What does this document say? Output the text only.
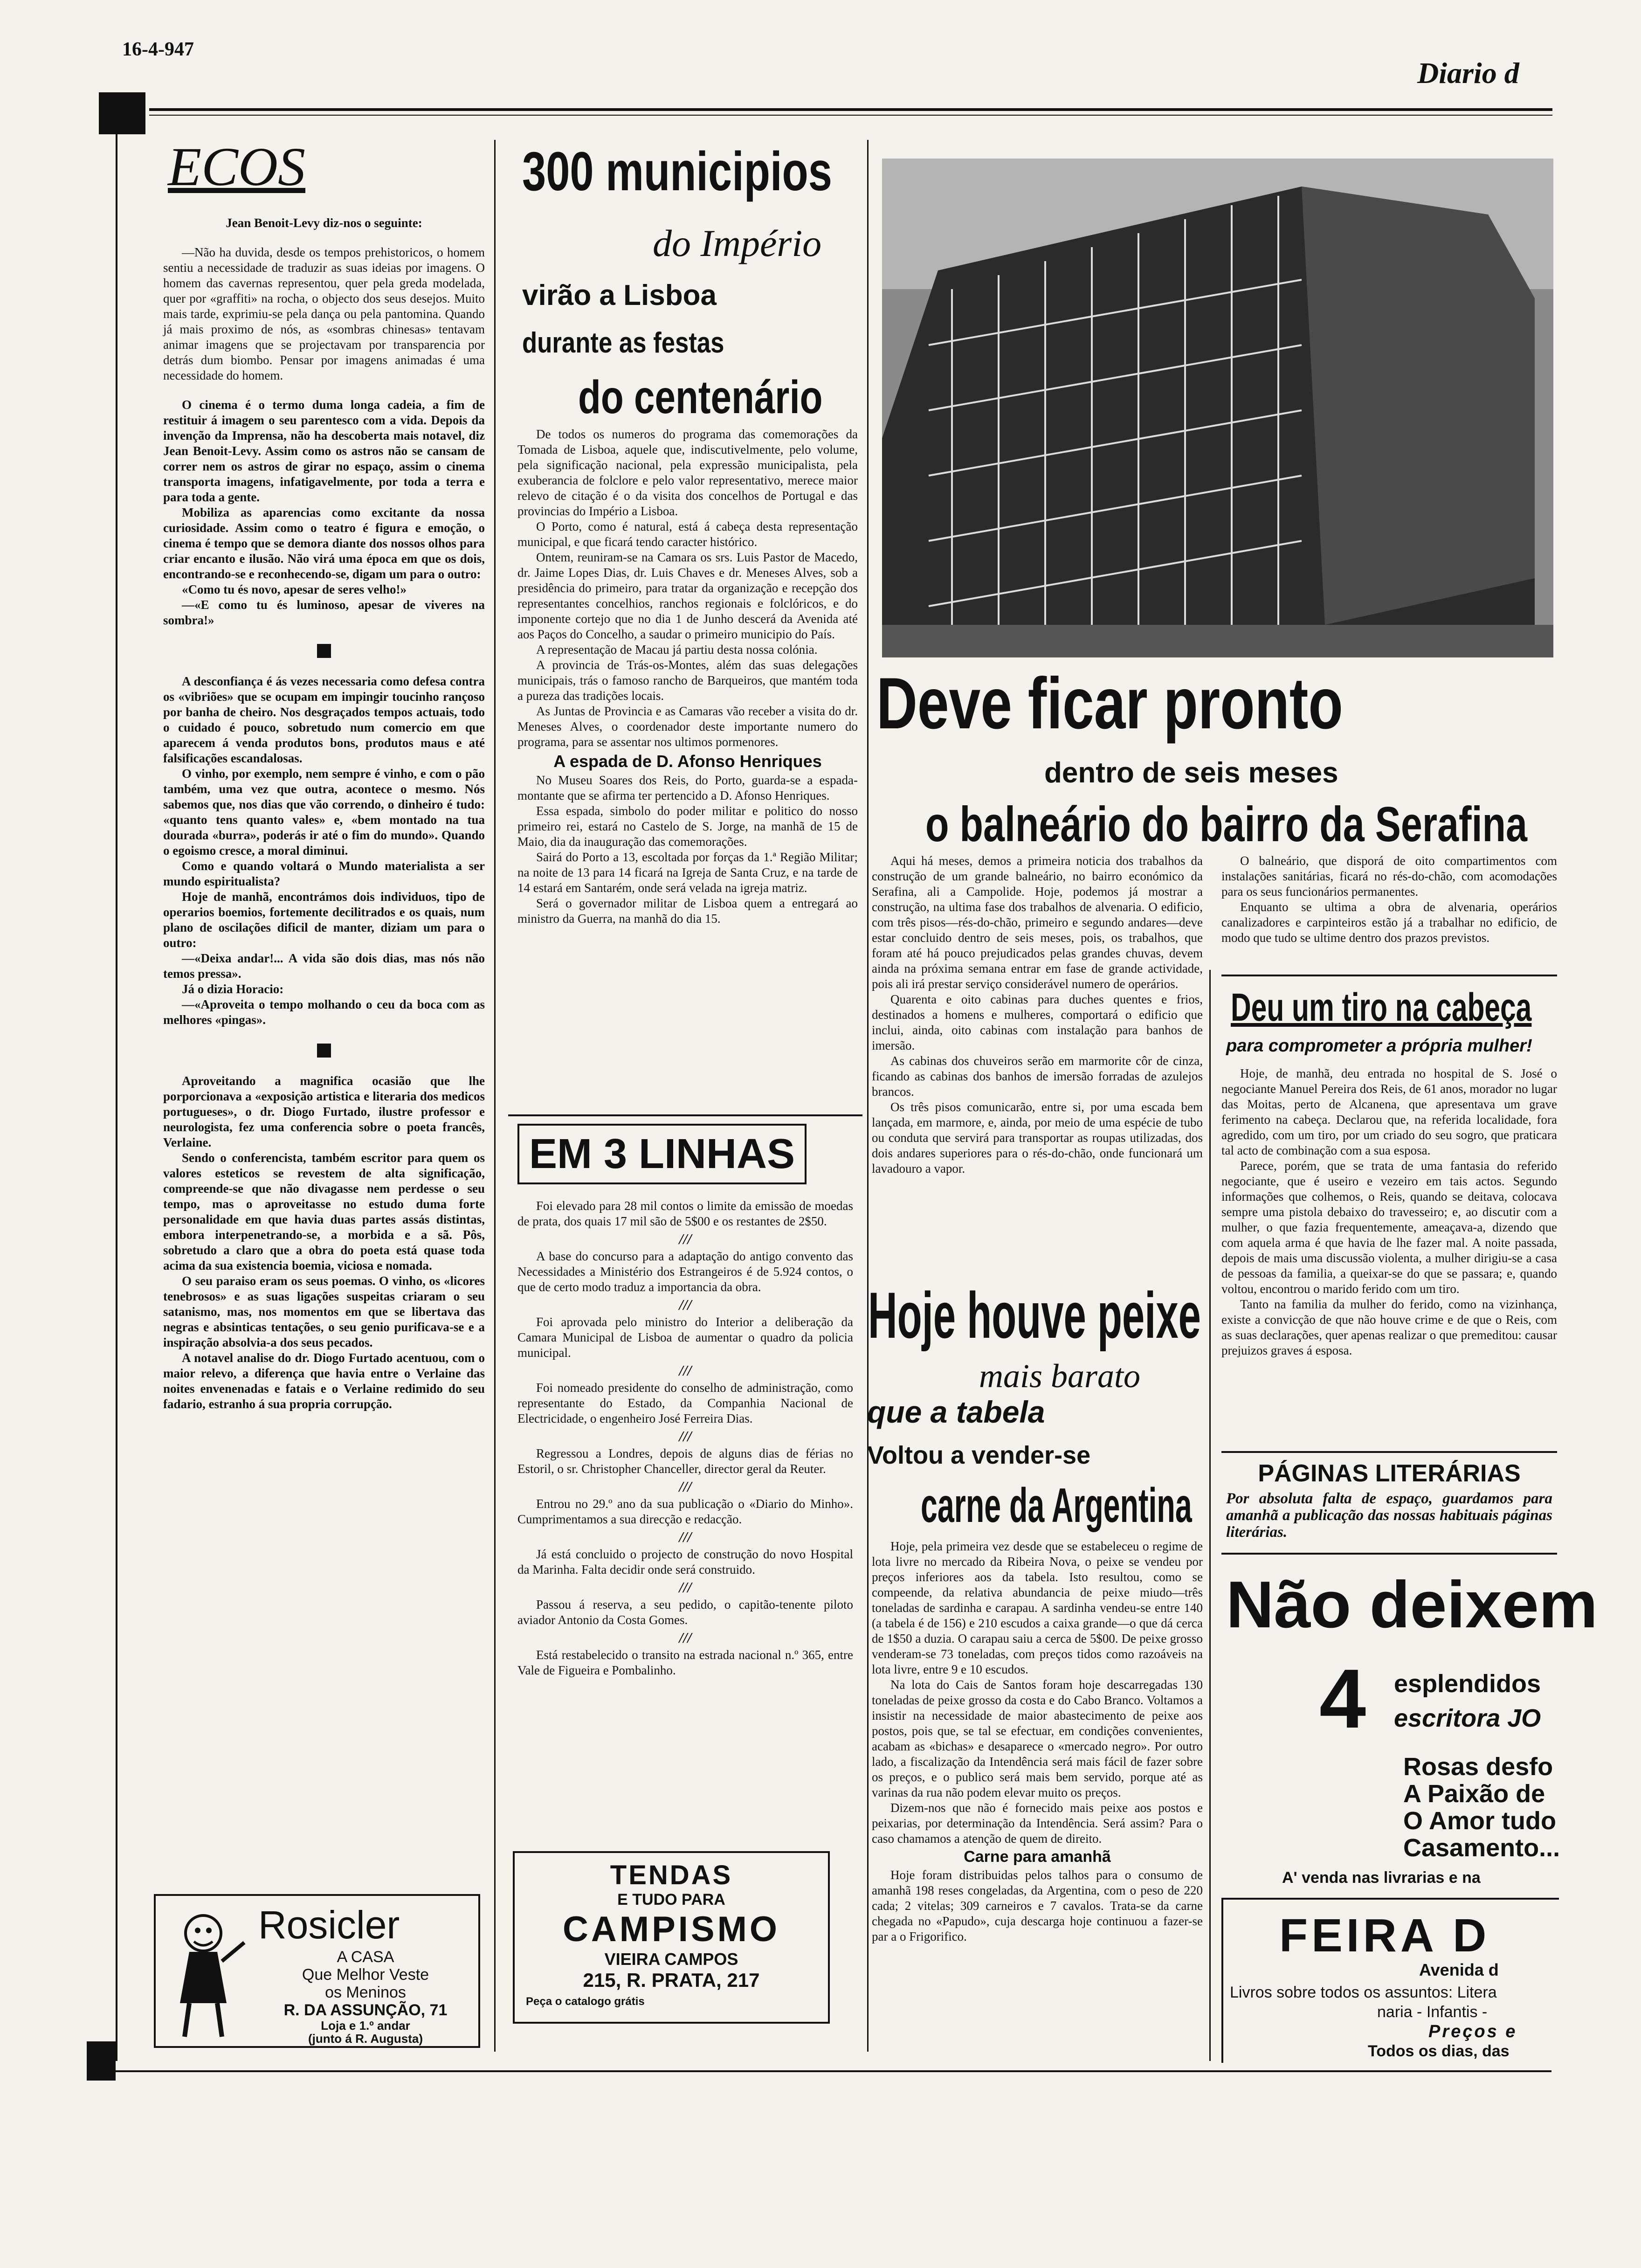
16-4-947
Diario d
ECOS

Jean Benoit-Levy diz-nos o seguinte:

—Não ha duvida, desde os tempos prehistoricos, o homem sentiu a necessidade de traduzir as suas ideias por imagens. O homem das cavernas representou, quer pela greda modelada, quer por «graffiti» na rocha, o objecto dos seus desejos. Muito mais tarde, exprimiu-se pela dança ou pela pantomina. Quando já mais proximo de nós, as «sombras chinesas» tentavam animar imagens que se projectavam por transparencia por detrás dum biombo. Pensar por imagens animadas é uma necessidade do homem.

O cinema é o termo duma longa cadeia, a fim de restituir á imagem o seu parentesco com a vida. Depois da invenção da Imprensa, não ha descoberta mais notavel, diz Jean Benoit-Levy. Assim como os astros não se cansam de correr nem os astros de girar no espaço, assim o cinema transporta imagens, infatigavelmente, por toda a terra e para toda a gente.

Mobiliza as aparencias como excitante da nossa curiosidade. Assim como o teatro é figura e emoção, o cinema é tempo que se demora diante dos nossos olhos para criar encanto e ilusão. Não virá uma época em que os dois, encontrando-se e reconhecendo-se, digam um para o outro:

«Como tu és novo, apesar de seres velho!»

—«E como tu és luminoso, apesar de viveres na sombra!»

A desconfiança é ás vezes necessaria como defesa contra os «vibriões» que se ocupam em impingir toucinho rançoso por banha de cheiro. Nos desgraçados tempos actuais, todo o cuidado é pouco, sobretudo num comercio em que aparecem á venda produtos bons, produtos maus e até falsificações escandalosas.

O vinho, por exemplo, nem sempre é vinho, e com o pão também, uma vez que outra, acontece o mesmo. Nós sabemos que, nos dias que vão correndo, o dinheiro é tudo: «quanto tens quanto vales» e, «bem montado na tua dourada «burra», poderás ir até o fim do mundo». Quando o egoismo cresce, a moral diminui.

Como e quando voltará o Mundo materialista a ser mundo espiritualista?

Hoje de manhã, encontrámos dois individuos, tipo de operarios boemios, fortemente decilitrados e os quais, num plano de oscilações dificil de manter, diziam um para o outro:

—«Deixa andar!... A vida são dois dias, mas nós não temos pressa».

Já o dizia Horacio:

—«Aproveita o tempo molhando o ceu da boca com as melhores «pingas».

Aproveitando a magnifica ocasião que lhe porporcionava a «exposição artistica e literaria dos medicos portugueses», o dr. Diogo Furtado, ilustre professor e neurologista, fez uma conferencia sobre o poeta francês, Verlaine.

Sendo o conferencista, também escritor para quem os valores esteticos se revestem de alta significação, compreende-se que não divagasse nem perdesse o seu tempo, mas o aproveitasse no estudo duma forte personalidade em que havia duas partes assás distintas, embora interpenetrando-se, a morbida e a sã. Pôs, sobretudo a claro que a obra do poeta está quase toda acima da sua existencia boemia, viciosa e nomada.

O seu paraiso eram os seus poemas. O vinho, os «licores tenebrosos» e as suas ligações suspeitas criaram o seu satanismo, mas, nos momentos em que se libertava das negras e absinticas tentações, o seu genio purificava-se e a inspiração absolvia-a dos seus pecados.

A notavel analise do dr. Diogo Furtado acentuou, com o maior relevo, a diferença que havia entre o Verlaine das noites envenenadas e fatais e o Verlaine redimido do seu fadario, estranho á sua propria corrupção.

Rosicler
A CASA
Que Melhor Veste
os Meninos
R. DA ASSUNÇÃO, 71
Loja e 1.º andar
(junto á R. Augusta)
300 municipios
do Império
virão a Lisboa
durante as festas
do centenário

De todos os numeros do programa das comemorações da Tomada de Lisboa, aquele que, indiscutivelmente, pelo volume, pela significação nacional, pela expressão municipalista, pela exuberancia de folclore e pelo valor representativo, merece maior relevo de citação é o da visita dos concelhos de Portugal e das provincias do Império a Lisboa.

O Porto, como é natural, está á cabeça desta representação municipal, e que ficará tendo caracter histórico.

Ontem, reuniram-se na Camara os srs. Luis Pastor de Macedo, dr. Jaime Lopes Dias, dr. Luis Chaves e dr. Meneses Alves, sob a presidência do primeiro, para tratar da organização e recepção dos representantes concelhios, ranchos regionais e folclóricos, e do imponente cortejo que no dia 1 de Junho descerá da Avenida até aos Paços do Concelho, a saudar o primeiro municipio do País.

A representação de Macau já partiu desta nossa colónia.

A provincia de Trás-os-Montes, além das suas delegações municipais, trás o famoso rancho de Barqueiros, que mantém toda a pureza das tradições locais.

As Juntas de Provincia e as Camaras vão receber a visita do dr. Meneses Alves, o coordenador deste importante numero do programa, para se assentar nos ultimos pormenores.

A espada de D. Afonso Henriques

No Museu Soares dos Reis, do Porto, guarda-se a espada-montante que se afirma ter pertencido a D. Afonso Henriques.

Essa espada, simbolo do poder militar e politico do nosso primeiro rei, estará no Castelo de S. Jorge, na manhã de 15 de Maio, dia da inauguração das comemorações.

Sairá do Porto a 13, escoltada por forças da 1.ª Região Militar; na noite de 13 para 14 ficará na Igreja de Santa Cruz, e na tarde de 14 estará em Santarém, onde será velada na igreja matriz.

Será o governador militar de Lisboa quem a entregará ao ministro da Guerra, na manhã do dia 15.

EM 3 LINHAS

Foi elevado para 28 mil contos o limite da emissão de moedas de prata, dos quais 17 mil são de 5$00 e os restantes de 2$50.

///

A base do concurso para a adaptação do antigo convento das Necessidades a Ministério dos Estrangeiros é de 5.924 contos, o que de certo modo traduz a importancia da obra.

///

Foi aprovada pelo ministro do Interior a deliberação da Camara Municipal de Lisboa de aumentar o quadro da policia municipal.

///

Foi nomeado presidente do conselho de administração, como representante do Estado, da Companhia Nacional de Electricidade, o engenheiro José Ferreira Dias.

///

Regressou a Londres, depois de alguns dias de férias no Estoril, o sr. Christopher Chanceller, director geral da Reuter.

///

Entrou no 29.º ano da sua publicação o «Diario do Minho». Cumprimentamos a sua direcção e redacção.

///

Já está concluido o projecto de construção do novo Hospital da Marinha. Falta decidir onde será construido.

///

Passou á reserva, a seu pedido, o capitão-tenente piloto aviador Antonio da Costa Gomes.

///

Está restabelecido o transito na estrada nacional n.º 365, entre Vale de Figueira e Pombalinho.

TENDAS
E TUDO PARA
CAMPISMO
VIEIRA CAMPOS
215, R. PRATA, 217
Peça o catalogo grátis
Deve ficar pronto
dentro de seis meses
o balneário do bairro da Serafina

Aqui há meses, demos a primeira noticia dos trabalhos da construção de um grande balneário, no bairro económico da Serafina, ali a Campolide. Hoje, podemos já mostrar a construção, na ultima fase dos trabalhos de alvenaria. O edificio, com três pisos—rés-do-chão, primeiro e segundo andares—deve estar concluido dentro de seis meses, pois, os trabalhos, que foram até há pouco prejudicados pelas grandes chuvas, devem ainda na próxima semana entrar em fase de grande actividade, pois ali irá prestar serviço considerável numero de operários.

Quarenta e oito cabinas para duches quentes e frios, destinados a homens e mulheres, comportará o edificio que inclui, ainda, oito cabinas com instalação para banhos de imersão.

As cabinas dos chuveiros serão em marmorite côr de cinza, ficando as cabinas dos banhos de imersão forradas de azulejos brancos.

Os três pisos comunicarão, entre si, por uma escada bem lançada, em marmore, e, ainda, por meio de uma espécie de tubo ou conduta que servirá para transportar as roupas utilizadas, dos dois andares superiores para o rés-do-chão, onde funcionará um lavadouro a vapor.

O balneário, que disporá de oito compartimentos com instalações sanitárias, ficará no rés-do-chão, com acomodações para os seus funcionários permanentes.

Enquanto se ultima a obra de alvenaria, operários canalizadores e carpinteiros estão já a trabalhar no edificio, de modo que tudo se ultime dentro dos prazos previstos.

Deu um tiro na cabeça
para comprometer a própria mulher!

Hoje, de manhã, deu entrada no hospital de S. José o negociante Manuel Pereira dos Reis, de 61 anos, morador no lugar das Moitas, perto de Alcanena, que apresentava um grave ferimento na cabeça. Declarou que, na referida localidade, fora agredido, com um tiro, por um criado do seu sogro, que praticara tal acto de combinação com a sua esposa.

Parece, porém, que se trata de uma fantasia do referido negociante, que é useiro e vezeiro em tais actos. Segundo informações que colhemos, o Reis, quando se deitava, colocava sempre uma pistola debaixo do travesseiro; e, ao discutir com a mulher, o que fazia frequentemente, ameaçava-a, dizendo que com aquela arma é que havia de lhe fazer mal. A noite passada, depois de mais uma discussão violenta, a mulher dirigiu-se a casa de pessoas da familia, a queixar-se do que se passara; e, quando voltou, encontrou o marido ferido com um tiro.

Tanto na familia da mulher do ferido, como na vizinhança, existe a convicção de que não houve crime e de que o Reis, com as suas declarações, quer apenas realizar o que premeditou: causar prejuizos graves á esposa.

PÁGINAS LITERÁRIAS
Por absoluta falta de espaço, guardamos para amanhã a publicação das nossas habituais páginas literárias.
Não deixem
4 esplendidos
escritora JO
Rosas desfo
A Paixão de
O Amor tudo
Casamento...
A' venda nas livrarias e na
FEIRA D
Avenida d
Livros sobre todos os assuntos: Litera
naria - Infantis -
Preços e
Todos os dias, das
Hoje houve peixe
mais barato
que a tabela
Voltou a vender-se
carne da Argentina

Hoje, pela primeira vez desde que se estabeleceu o regime de lota livre no mercado da Ribeira Nova, o peixe se vendeu por preços inferiores aos da tabela. Isto resultou, como se compeende, da relativa abundancia de peixe miudo—três toneladas de sardinha e carapau. A sardinha vendeu-se entre 140 (a tabela é de 156) e 210 escudos a caixa grande—o que dá cerca de 1$50 a duzia. O carapau saiu a cerca de 5$00. De peixe grosso venderam-se 73 toneladas, com preços tidos como razoáveis na lota livre, entre 9 e 10 escudos.

Na lota do Cais de Santos foram hoje descarregadas 130 toneladas de peixe grosso da costa e do Cabo Branco. Voltamos a insistir na necessidade de maior abastecimento de peixe aos postos, pois que, se tal se efectuar, em condições convenientes, acabam as «bichas» e desaparece o «mercado negro». Por outro lado, a fiscalização da Intendência será mais fácil de fazer sobre os preços, e o publico será mais bem servido, porque até as varinas da rua não podem elevar muito os preços.

Dizem-nos que não é fornecido mais peixe aos postos e peixarias, por determinação da Intendência. Será assim? Para o caso chamamos a atenção de quem de direito.

Carne para amanhã

Hoje foram distribuidas pelos talhos para o consumo de amanhã 198 reses congeladas, da Argentina, com o peso de 220 cada; 2 vitelas; 309 carneiros e 7 cavalos. Trata-se da carne chegada no «Papudo», cuja descarga hoje continuou a fazer-se par a o Frigorifico.
